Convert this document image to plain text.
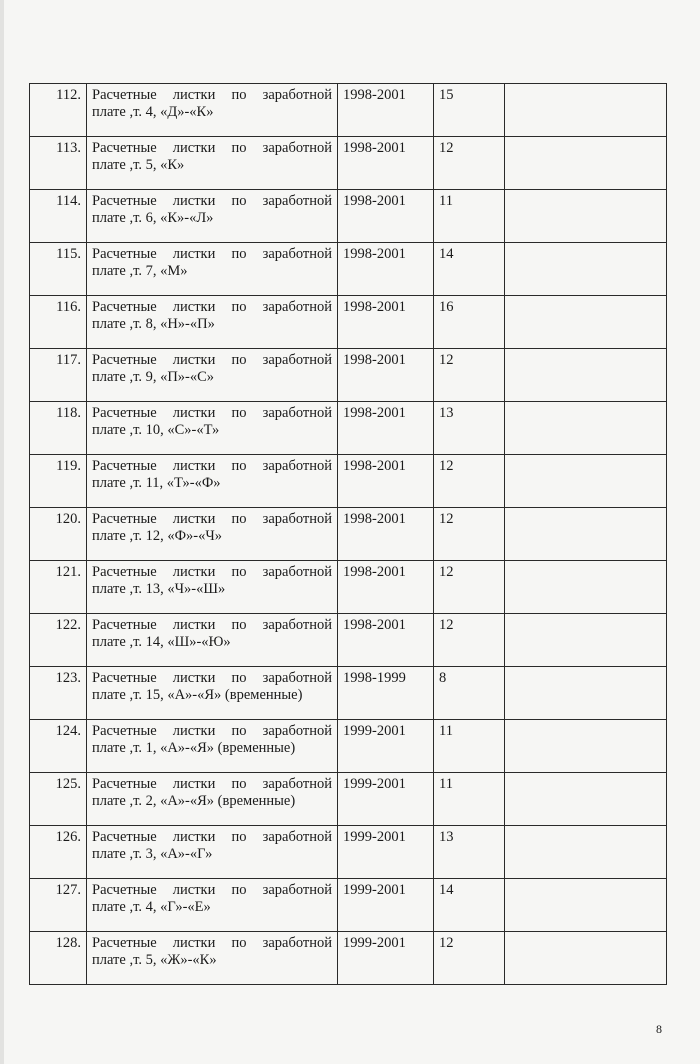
112.	Расчетные листки по заработной
плате ,т. 4, «Д»-«К»	1998-2001	15	
113.	Расчетные листки по заработной
плате ,т. 5, «К»	1998-2001	12	
114.	Расчетные листки по заработной
плате ,т. 6, «К»-«Л»	1998-2001	11	
115.	Расчетные листки по заработной
плате ,т. 7, «М»	1998-2001	14	
116.	Расчетные листки по заработной
плате ,т. 8, «Н»-«П»	1998-2001	16	
117.	Расчетные листки по заработной
плате ,т. 9, «П»-«С»	1998-2001	12	
118.	Расчетные листки по заработной
плате ,т. 10, «С»-«Т»	1998-2001	13	
119.	Расчетные листки по заработной
плате ,т. 11, «Т»-«Ф»	1998-2001	12	
120.	Расчетные листки по заработной
плате ,т. 12, «Ф»-«Ч»	1998-2001	12	
121.	Расчетные листки по заработной
плате ,т. 13, «Ч»-«Ш»	1998-2001	12	
122.	Расчетные листки по заработной
плате ,т. 14, «Ш»-«Ю»	1998-2001	12	
123.	Расчетные листки по заработной
плате ,т. 15, «А»-«Я» (временные)	1998-1999	8	
124.	Расчетные листки по заработной
плате ,т. 1, «А»-«Я» (временные)	1999-2001	11	
125.	Расчетные листки по заработной
плате ,т. 2, «А»-«Я» (временные)	1999-2001	11	
126.	Расчетные листки по заработной
плате ,т. 3, «А»-«Г»	1999-2001	13	
127.	Расчетные листки по заработной
плате ,т. 4, «Г»-«Е»	1999-2001	14	
128.	Расчетные листки по заработной
плате ,т. 5, «Ж»-«К»	1999-2001	12	
8
